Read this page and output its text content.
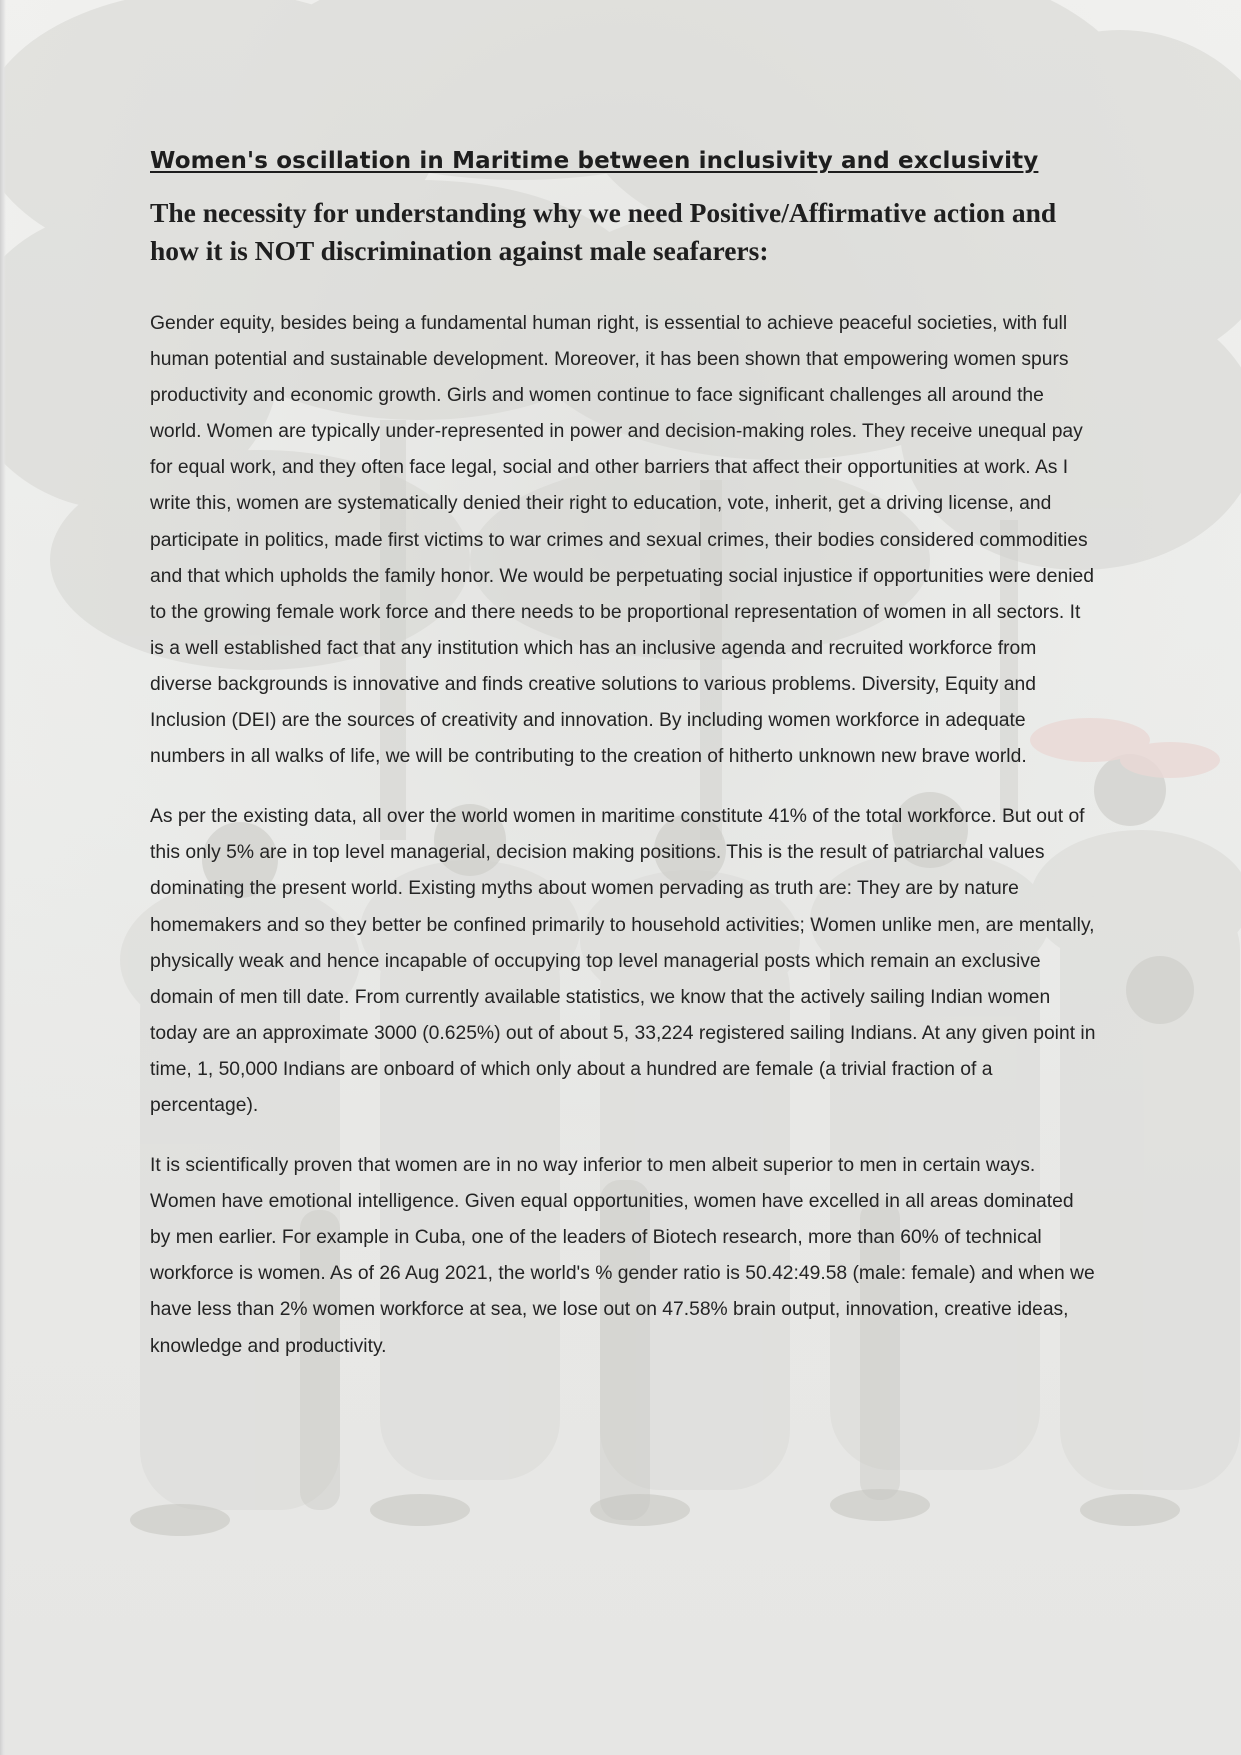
Women's oscillation in Maritime between inclusivity and exclusivity
The necessity for understanding why we need Positive/Affirmative action and how it is NOT discrimination against male seafarers:

Gender equity, besides being a fundamental human right, is essential to achieve peaceful societies, with full human potential and sustainable development. Moreover, it has been shown that empowering women spurs productivity and economic growth. Girls and women continue to face significant challenges all around the world. Women are typically under-represented in power and decision-making roles. They receive unequal pay for equal work, and they often face legal, social and other barriers that affect their opportunities at work. As I write this, women are systematically denied their right to education, vote, inherit, get a driving license, and participate in politics, made first victims to war crimes and sexual crimes, their bodies considered commodities and that which upholds the family honor. We would be perpetuating social injustice if opportunities were denied to the growing female work force and there needs to be proportional representation of women in all sectors. It is a well established fact that any institution which has an inclusive agenda and recruited workforce from diverse backgrounds is innovative and finds creative solutions to various problems. Diversity, Equity and Inclusion (DEI) are the sources of creativity and innovation. By including women workforce in adequate numbers in all walks of life, we will be contributing to the creation of hitherto unknown new brave world.

As per the existing data, all over the world women in maritime constitute 41% of the total workforce. But out of this only 5% are in top level managerial, decision making positions. This is the result of patriarchal values dominating the present world. Existing myths about women pervading as truth are: They are by nature homemakers and so they better be confined primarily to household activities; Women unlike men, are mentally, physically weak and hence incapable of occupying top level managerial posts which remain an exclusive domain of men till date. From currently available statistics, we know that the actively sailing Indian women today are an approximate 3000 (0.625%) out of about 5, 33,224 registered sailing Indians. At any given point in time, 1, 50,000 Indians are onboard of which only about a hundred are female (a trivial fraction of a percentage).

It is scientifically proven that women are in no way inferior to men albeit superior to men in certain ways. Women have emotional intelligence. Given equal opportunities, women have excelled in all areas dominated by men earlier. For example in Cuba, one of the leaders of Biotech research, more than 60% of technical workforce is women. As of 26 Aug 2021, the world's % gender ratio is 50.42:49.58 (male: female) and when we have less than 2% women workforce at sea, we lose out on 47.58% brain output, innovation, creative ideas, knowledge and productivity.
